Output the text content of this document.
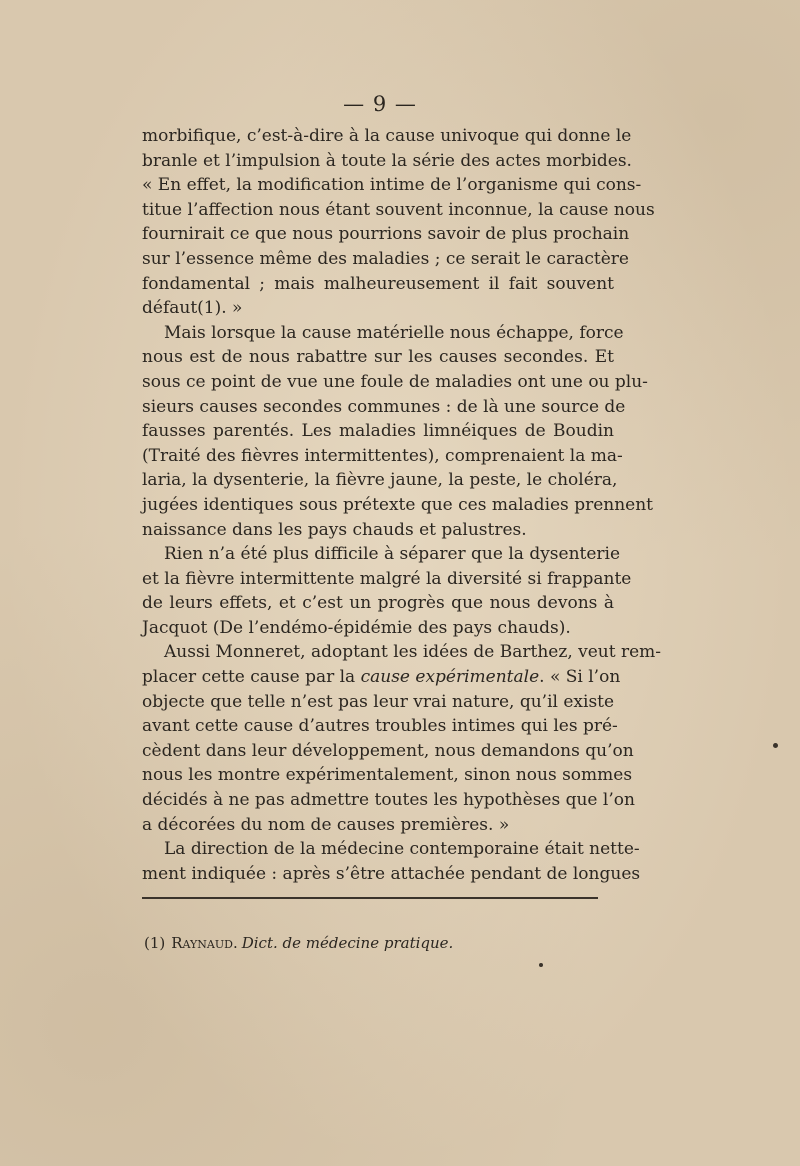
— 9 —
morbifique, c’est-à-dire à la cause univoque qui donne le
branle et l’impulsion à toute la série des actes morbides.
« En effet, la modification intime de l’organisme qui cons-
titue l’affection nous étant souvent inconnue, la cause nous
fournirait ce que nous pourrions savoir de plus prochain
sur l’essence même des maladies ; ce serait le caractère
fondamental ; mais malheureusement il fait souvent
défaut(1). »
Mais lorsque la cause matérielle nous échappe, force
nous est de nous rabattre sur les causes secondes. Et
sous ce point de vue une foule de maladies ont une ou plu-
sieurs causes secondes communes : de là une source de
fausses parentés. Les maladies limnéiques de Boudin
(Traité des fièvres intermittentes), comprenaient la ma-
laria, la dysenterie, la fièvre jaune, la peste, le choléra,
jugées identiques sous prétexte que ces maladies prennent
naissance dans les pays chauds et palustres.
Rien n’a été plus difficile à séparer que la dysenterie
et la fièvre intermittente malgré la diversité si frappante
de leurs effets, et c’est un progrès que nous devons à
Jacquot (De l’endémo-épidémie des pays chauds).
Aussi Monneret, adoptant les idées de Barthez, veut rem-
placer cette cause par la cause expérimentale. « Si l’on
objecte que telle n’est pas leur vrai nature, qu’il existe
avant cette cause d’autres troubles intimes qui les pré-
cèdent dans leur développement, nous demandons qu’on
nous les montre expérimentalement, sinon nous sommes
décidés à ne pas admettre toutes les hypothèses que l’on
a décorées du nom de causes premières. »
La direction de la médecine contemporaine était nette-
ment indiquée : après s’être attachée pendant de longues
(1) Raynaud. Dict. de médecine pratique.
